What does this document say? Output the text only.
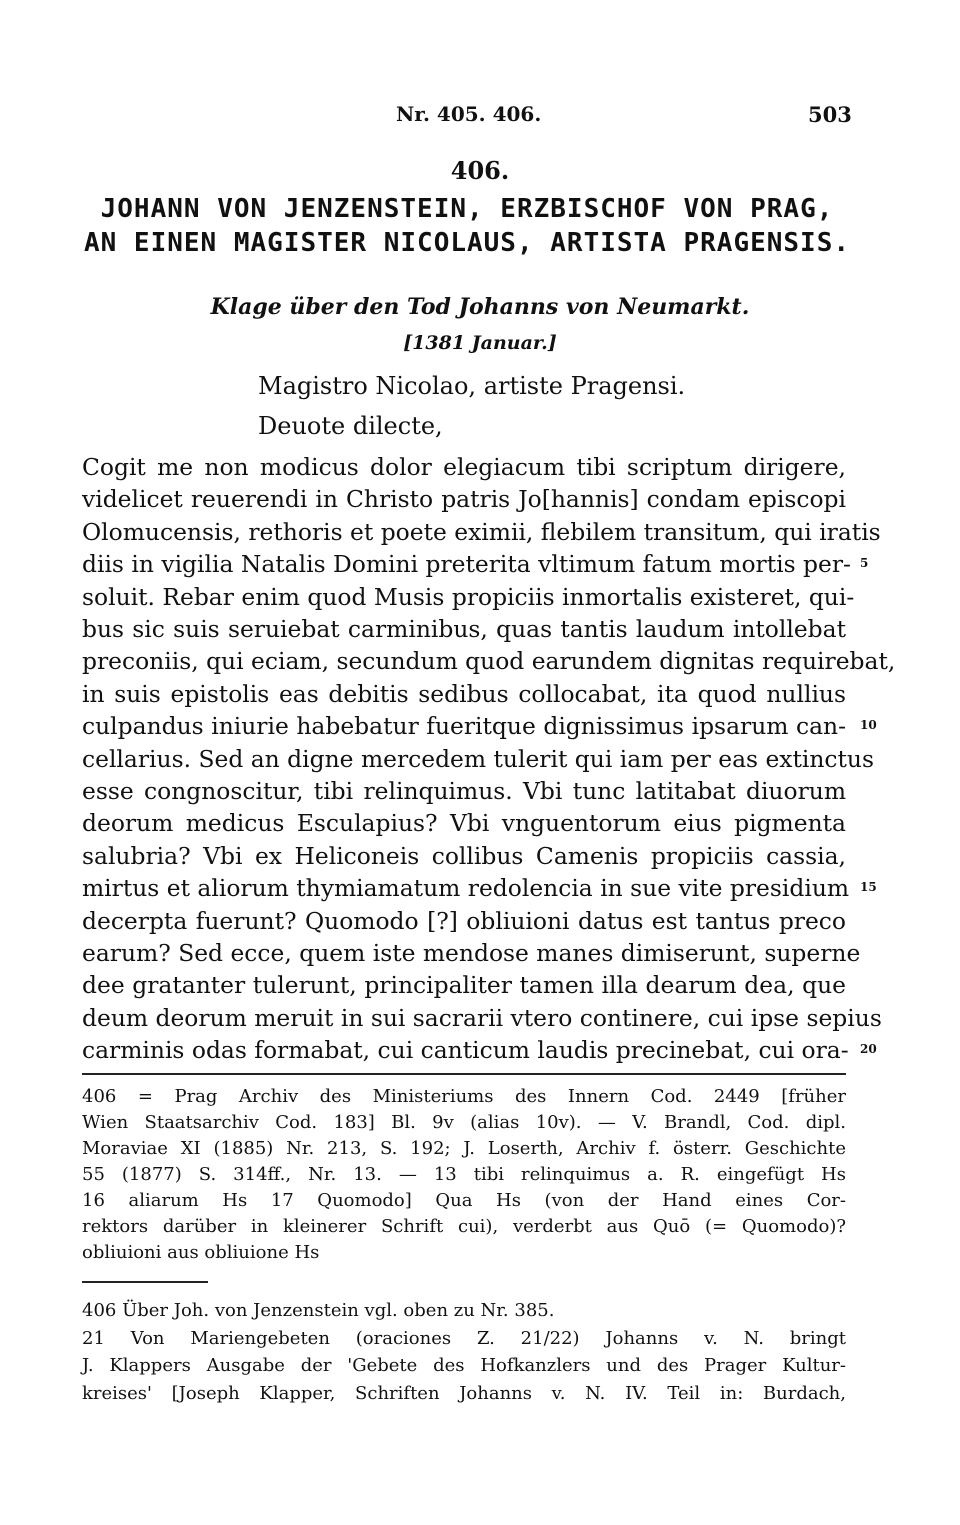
Nr. 405. 406.	503
406.
JOHANN VON JENZENSTEIN, ERZBISCHOF VON PRAG, AN EINEN MAGISTER NICOLAUS, ARTISTA PRAGENSIS.
Klage über den Tod Johanns von Neumarkt.
[1381 Januar.]
Magistro Nicolao, artiste Pragensi.
Deuote dilecte,
Cogit me non modicus dolor elegiacum tibi scriptum dirigere,
videlicet reuerendi in Christo patris Jo[hannis] condam episcopi
Olomucensis, rethoris et poete eximii, flebilem transitum, qui iratis
diis in vigilia Natalis Domini preterita vltimum fatum mortis per-
soluit. Rebar enim quod Musis propiciis inmortalis existeret, qui-
bus sic suis seruiebat carminibus, quas tantis laudum intollebat
preconiis, qui eciam, secundum quod earundem dignitas requirebat,
in suis epistolis eas debitis sedibus collocabat, ita quod nullius
culpandus iniurie habebatur fueritque dignissimus ipsarum can-
cellarius. Sed an digne mercedem tulerit qui iam per eas extinctus
esse congnoscitur, tibi relinquimus. Vbi tunc latitabat diuorum
deorum medicus Esculapius? Vbi vnguentorum eius pigmenta
salubria? Vbi ex Heliconeis collibus Camenis propiciis cassia,
mirtus et aliorum thymiamatum redolencia in sue vite presidium
decerpta fuerunt? Quomodo [?] obliuioni datus est tantus preco
earum? Sed ecce, quem iste mendose manes dimiserunt, superne
dee gratanter tulerunt, principaliter tamen illa dearum dea, que
deum deorum meruit in sui sacrarii vtero continere, cui ipse sepius
carminis odas formabat, cui canticum laudis precinebat, cui ora-
5
10
15
20
406 = Prag Archiv des Ministeriums des Innern Cod. 2449 [früher
Wien Staatsarchiv Cod. 183] Bl. 9v (alias 10v). — V. Brandl, Cod. dipl.
Moraviae XI (1885) Nr. 213, S. 192; J. Loserth, Archiv f. österr. Geschichte
55 (1877) S. 314ff., Nr. 13. — 13 tibi relinquimus a. R. eingefügt Hs
16 aliarum Hs 17 Quomodo] Qua Hs (von der Hand eines Cor-
rektors darüber in kleinerer Schrift cui), verderbt aus Quō (= Quomodo)?
obliuioni aus obliuione Hs
406 Über Joh. von Jenzenstein vgl. oben zu Nr. 385.
21 Von Mariengebeten (oraciones Z. 21/22) Johanns v. N. bringt
J. Klappers Ausgabe der 'Gebete des Hofkanzlers und des Prager Kultur-
kreises' [Joseph Klapper, Schriften Johanns v. N. IV. Teil in: Burdach,
